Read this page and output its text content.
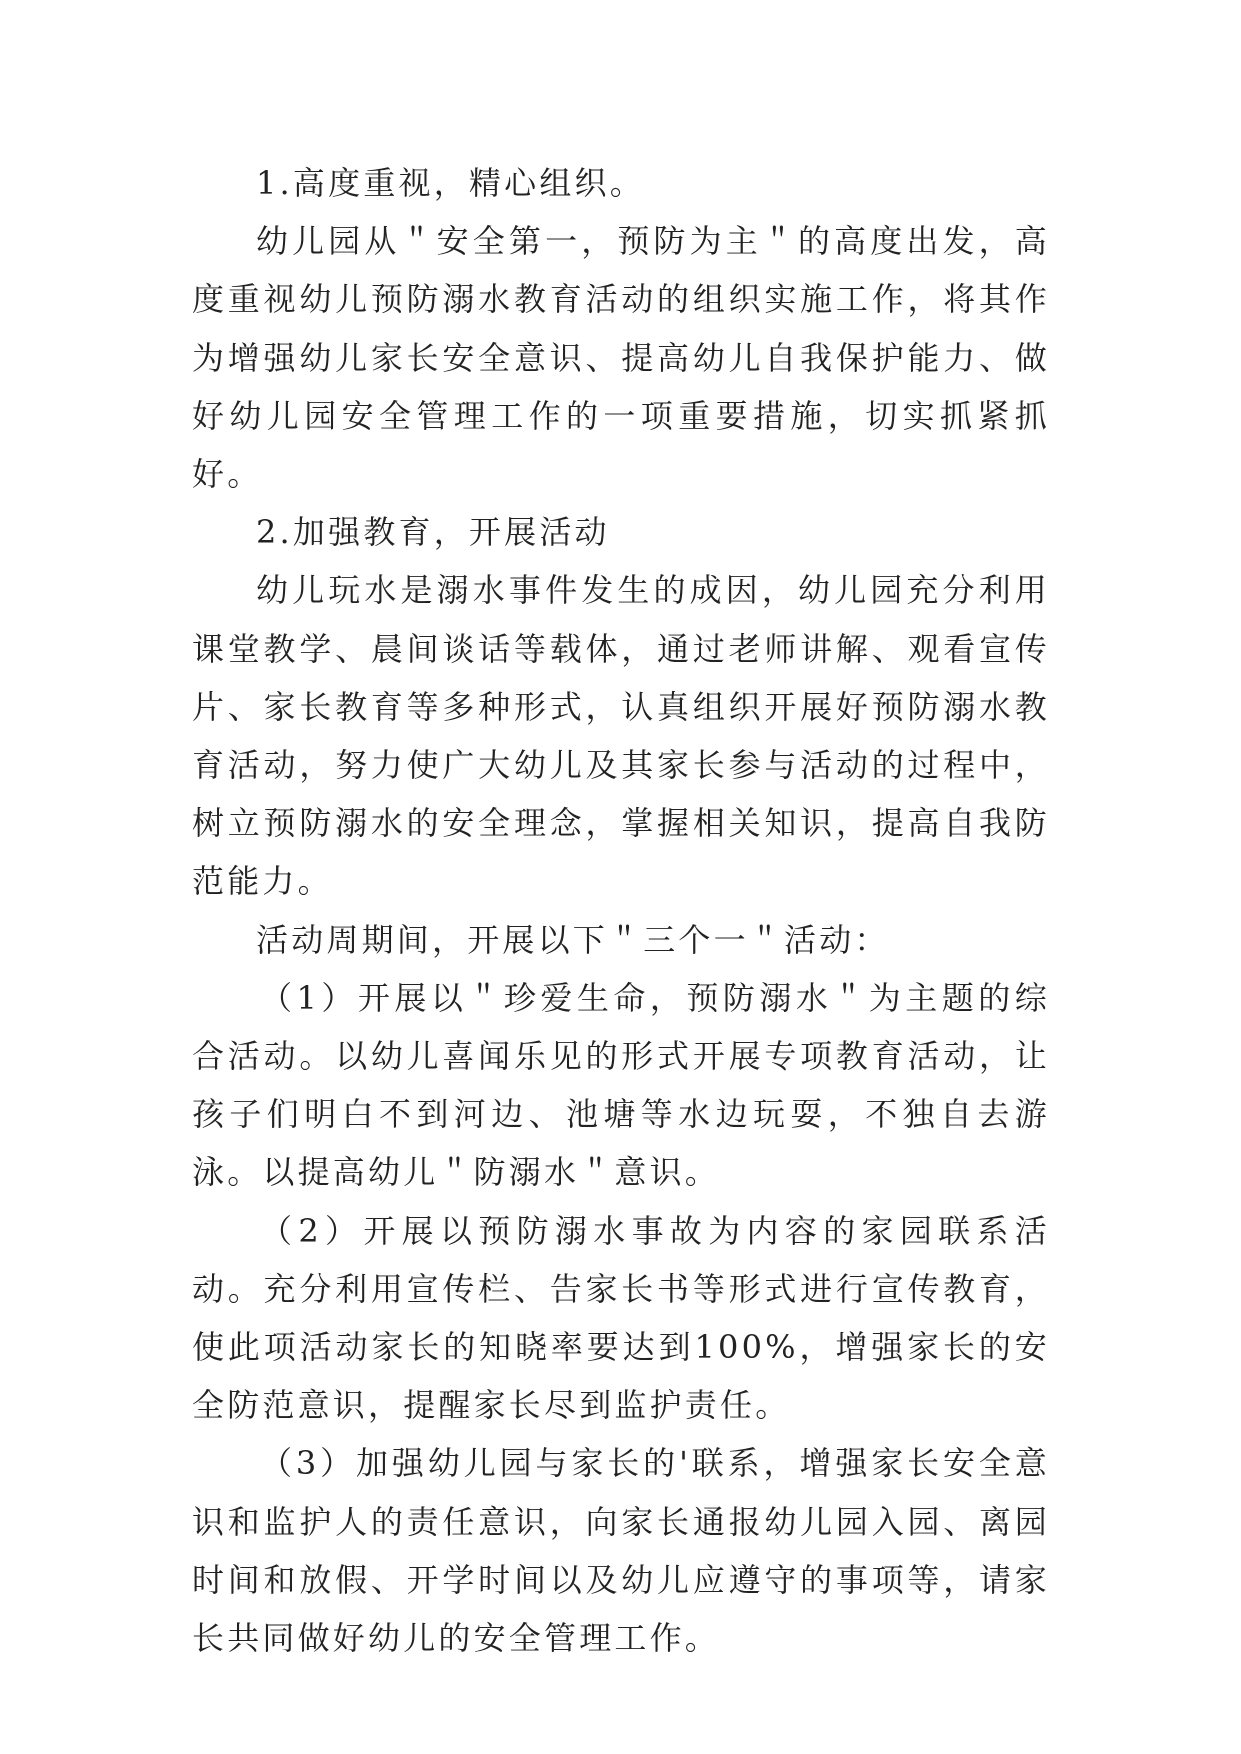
1.高度重视，精心组织。

幼儿园从＂安全第一，预防为主＂的高度出发，高度重视幼儿预防溺水教育活动的组织实施工作，将其作为增强幼儿家长安全意识、提高幼儿自我保护能力、做好幼儿园安全管理工作的一项重要措施，切实抓紧抓好。

2.加强教育，开展活动

幼儿玩水是溺水事件发生的成因，幼儿园充分利用课堂教学、晨间谈话等载体，通过老师讲解、观看宣传片、家长教育等多种形式，认真组织开展好预防溺水教育活动，努力使广大幼儿及其家长参与活动的过程中，树立预防溺水的安全理念，掌握相关知识，提高自我防范能力。

活动周期间，开展以下＂三个一＂活动：

（1）开展以＂珍爱生命，预防溺水＂为主题的综合活动。以幼儿喜闻乐见的形式开展专项教育活动，让孩子们明白不到河边、池塘等水边玩耍，不独自去游泳。以提高幼儿＂防溺水＂意识。

（2）开展以预防溺水事故为内容的家园联系活动。充分利用宣传栏、告家长书等形式进行宣传教育，使此项活动家长的知晓率要达到100%，增强家长的安全防范意识，提醒家长尽到监护责任。

（3）加强幼儿园与家长的'联系，增强家长安全意识和监护人的责任意识，向家长通报幼儿园入园、离园时间和放假、开学时间以及幼儿应遵守的事项等，请家长共同做好幼儿的安全管理工作。
